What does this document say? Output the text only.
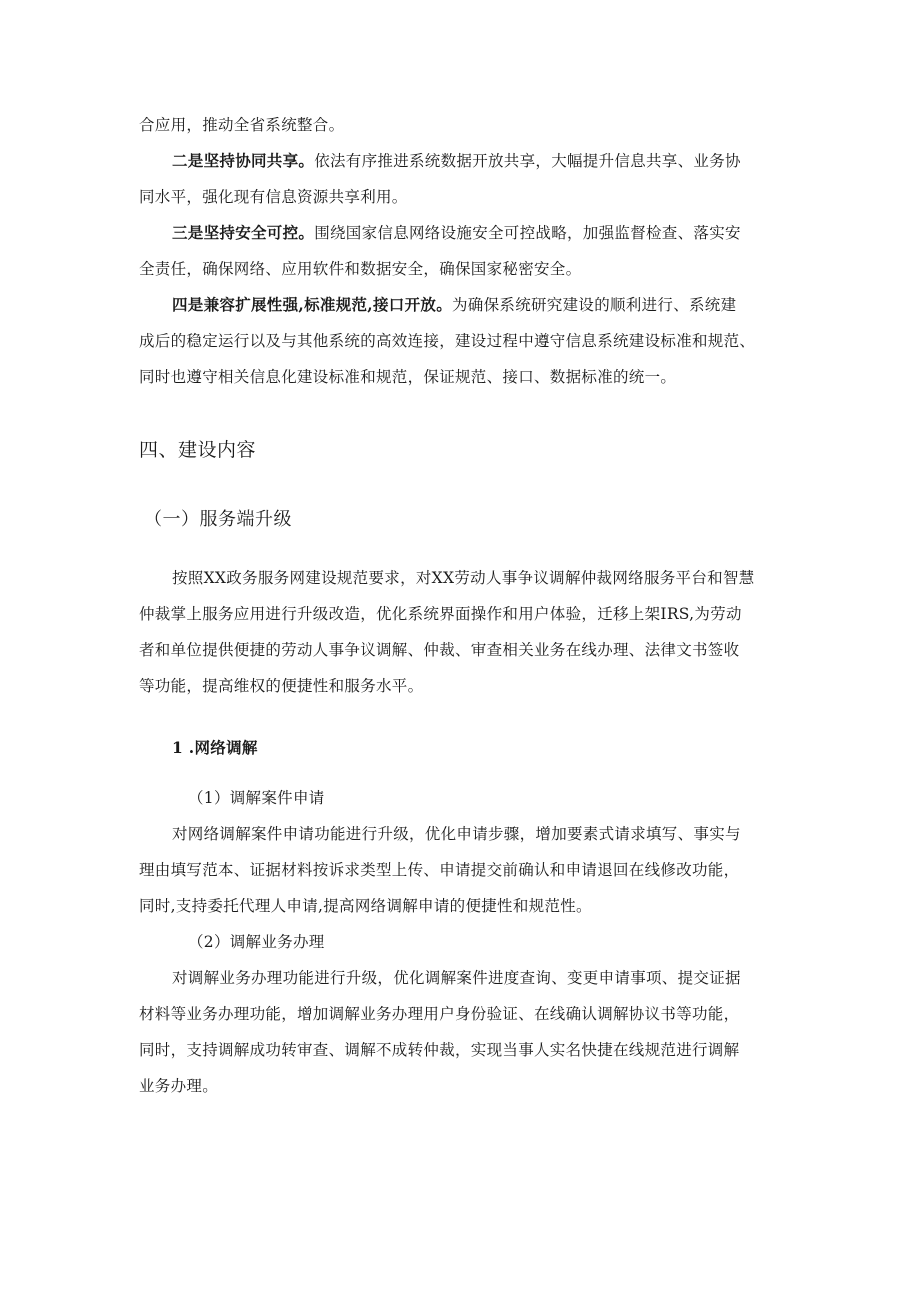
合应用，推动全省系统整合。
二是坚持协同共享。依法有序推进系统数据开放共享，大幅提升信息共享、业务协
同水平，强化现有信息资源共享利用。
三是坚持安全可控。围绕国家信息网络设施安全可控战略，加强监督检查、落实安
全责任，确保网络、应用软件和数据安全，确保国家秘密安全。
四是兼容扩展性强,标准规范,接口开放。为确保系统研究建设的顺利进行、系统建
成后的稳定运行以及与其他系统的高效连接，建设过程中遵守信息系统建设标准和规范、
同时也遵守相关信息化建设标准和规范，保证规范、接口、数据标准的统一。
四、建设内容
（一）服务端升级
按照XX政务服务网建设规范要求，对XX劳动人事争议调解仲裁网络服务平台和智慧
仲裁掌上服务应用进行升级改造，优化系统界面操作和用户体验，迁移上架IRS,为劳动
者和单位提供便捷的劳动人事争议调解、仲裁、审查相关业务在线办理、法律文书签收
等功能，提高维权的便捷性和服务水平。
1 .网络调解
（1）调解案件申请
对网络调解案件申请功能进行升级，优化申请步骤，增加要素式请求填写、事实与
理由填写范本、证据材料按诉求类型上传、申请提交前确认和申请退回在线修改功能，
同时,支持委托代理人申请,提高网络调解申请的便捷性和规范性。
（2）调解业务办理
对调解业务办理功能进行升级，优化调解案件进度查询、变更申请事项、提交证据
材料等业务办理功能，增加调解业务办理用户身份验证、在线确认调解协议书等功能，
同时，支持调解成功转审查、调解不成转仲裁，实现当事人实名快捷在线规范进行调解
业务办理。
